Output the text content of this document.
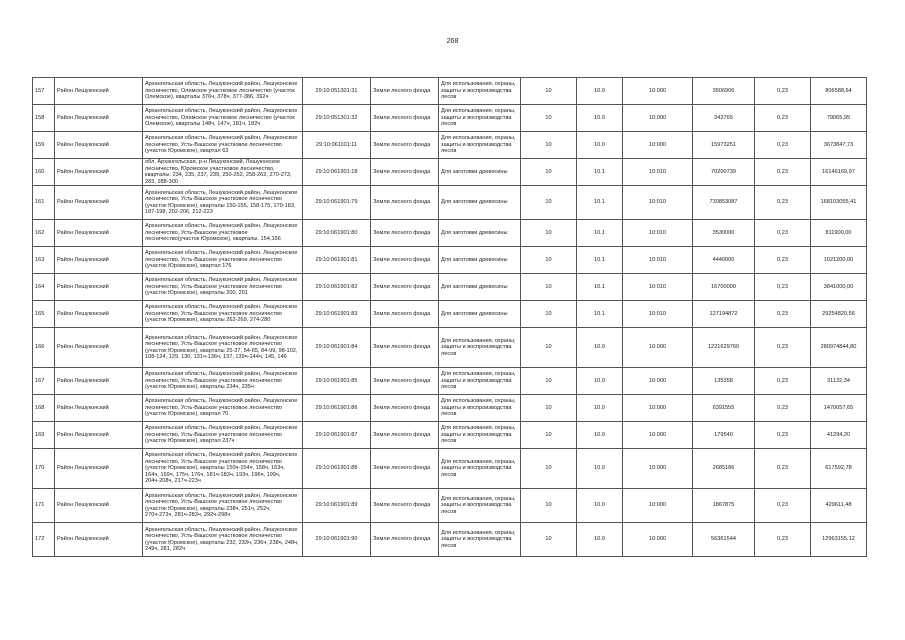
268
157	Район Лешуконский	Архангельская область, Лешуконский район, Лешуконское лесничество, Олемское участковое лесничество (участок Олемское), кварталы 376ч, 378ч, 377-386, 392ч	29:10:051301:31	Земли лесного фонда	Для использования, охраны, защиты и воспроизводства лесов	10	10.0	10:000	3506906	0,23	806588,64
158	Район Лешуконский	Архангельская область, Лешуконский район, Лешуконское лесничество, Олемское участковое лесничество (участок Олемское), кварталы 148ч, 147ч, 181ч, 182ч	29:10:051301:32	Земли лесного фонда	Для использования, охраны, защиты и воспроизводства лесов	10	10.0	10:000	343765	0,23	79065,95
159	Район Лешуконский	Архангельская область, Лешуконский район, Лешуконское лесничество, Усть-Вашское участковое лесничество (участок Юромское), квартал 63	29:10:061101:11	Земли лесного фонда	Для использования, охраны, защиты и воспроизводства лесов	10	10.0	10:000	15973251	0,23	3673847,73
160	Район Лешуконский	обл. Архангельская, р-н Лешуконский, Лешуконское лесничество, Юромское участковое лесничество, кварталы: 234, 235, 237, 239, 250-252, 258-262, 270-273, 283, 288-300	29:10:061901:18	Земли лесного фонда	Для заготовки древесины	10	10.1	10:010	70200739	0,23	16146169,97
161	Район Лешуконский	Архангельская область, Лешуконский район, Лешуконское лесничество, Усть-Вашское участковое лесничество (участок Юромское), кварталы 150-155, 158-175, 179-183, 187-198, 202-206, 212-223	29:10:061901:79	Земли лесного фонда	Для заготовки древесины	10	10.1	10:010	730853087	0,23	168103055,41
162	Район Лешуконский	Архангельская область, Лешуконский район, Лешуконское лесничество, Усть-Вашское участковое лесничество(участок Юромское), кварталы. 154,156	29:10:061901:80	Земли лесного фонда	Для заготовки древесины	10	10.1	10:010	3530000	0,23	811900,00
163	Район Лешуконский	Архангельская область, Лешуконский район, Лешуконское лесничество, Усть-Вашское участковое лесничество (участок Юромское), квартал 176	29:10:061901:81	Земли лесного фонда	Для заготовки древесины	10	10.1	10:010	4440000	0,23	1021200,00
164	Район Лешуконский	Архангельская область, Лешуконский район, Лешуконское лесничество, Усть-Вашское участковое лесничество (участок Юромское), кварталы 200, 201	29:10:061901:82	Земли лесного фонда	Для заготовки древесины	10	10.1	10:010	16700000	0,23	3841000,00
165	Район Лешуконский	Архангельская область, Лешуконский район, Лешуконское лесничество, Усть-Вашское участковое лесничество (участок Юромское), кварталы 262-269, 274-280	29:10:061901:83	Земли лесного фонда	Для заготовки древесины	10	10.1	10:010	127194872	0,23	29254820,56
166	Район Лешуконский	Архангельская область, Лешуконский район, Лешуконское лесничество, Усть-Вашское участковое лесничество (участок Юромское), кварталы 25-37, 54-65, 84-99, 98-102, 108-124, 129, 130, 131ч-136ч, 137, 139ч-144ч, 145, 146	29:10:061901:84	Земли лесного фонда	Для использования, охраны, защиты и воспроизводства лесов	10	10.0	10:000	1221629760	0,23	280974844,80
167	Район Лешуконский	Архангельская область, Лешуконский район, Лешуконское лесничество, Усть-Вашское участковое лесничество (участок Юромское), кварталы 234ч, 235ч	29:10:061901:85	Земли лесного фонда	Для использования, охраны, защиты и воспроизводства лесов	10	10.0	10:000	135358	0,23	31132,34
168	Район Лешуконский	Архангельская область, Лешуконский район, Лешуконское лесничество, Усть-Вашское участковое лесничество (участок Юромское), квартал 70	29:10:061901:86	Земли лесного фонда	Для использования, охраны, защиты и воспроизводства лесов	10	10.0	10:000	6391555	0,23	1470057,65
169	Район Лешуконский	Архангельская область, Лешуконский район, Лешуконское лесничество, Усть-Вашское участковое лесничество (участок Юромское), квартал 237ч	29:10:061901:87	Земли лесного фонда	Для использования, охраны, защиты и воспроизводства лесов	10	10.0	10:000	179540	0,23	41294,20
170	Район Лешуконский	Архангельская область, Лешуконский район, Лешуконское лесничество, Усть-Вашское участковое лесничество (участок Юромское), кварталы 150ч-154ч, 158ч, 163ч, 164ч, 169ч, 175ч, 176ч, 181ч-183ч, 193ч, 196ч, 199ч, 204ч-208ч, 217ч-223ч	29:10:061901:88	Земли лесного фонда	Для использования, охраны, защиты и воспроизводства лесов	10	10.0	10:000	2685186	0,23	617592,78
171	Район Лешуконский	Архангельская область, Лешуконский район, Лешуконское лесничество, Усть-Вашское участковое лесничество (участок Юромское), кварталы 238ч, 251ч, 252ч, 270ч-273ч, 281ч-283ч, 292ч-298ч	29:10:061901:89	Земли лесного фонда	Для использования, охраны, защиты и воспроизводства лесов	10	10.0	10:000	1867875	0,23	429611,48
172	Район Лешуконский	Архангельская область, Лешуконский район, Лешуконское лесничество, Усть-Вашское участковое лесничество (участок Юромское), кварталы 232, 233ч, 236ч, 238ч, 248ч, 249ч, 281, 282ч	29:10:061901:90	Земли лесного фонда	Для использования, охраны, защиты и воспроизводства лесов	10	10.0	10:000	56361544	0,23	12963155,12
